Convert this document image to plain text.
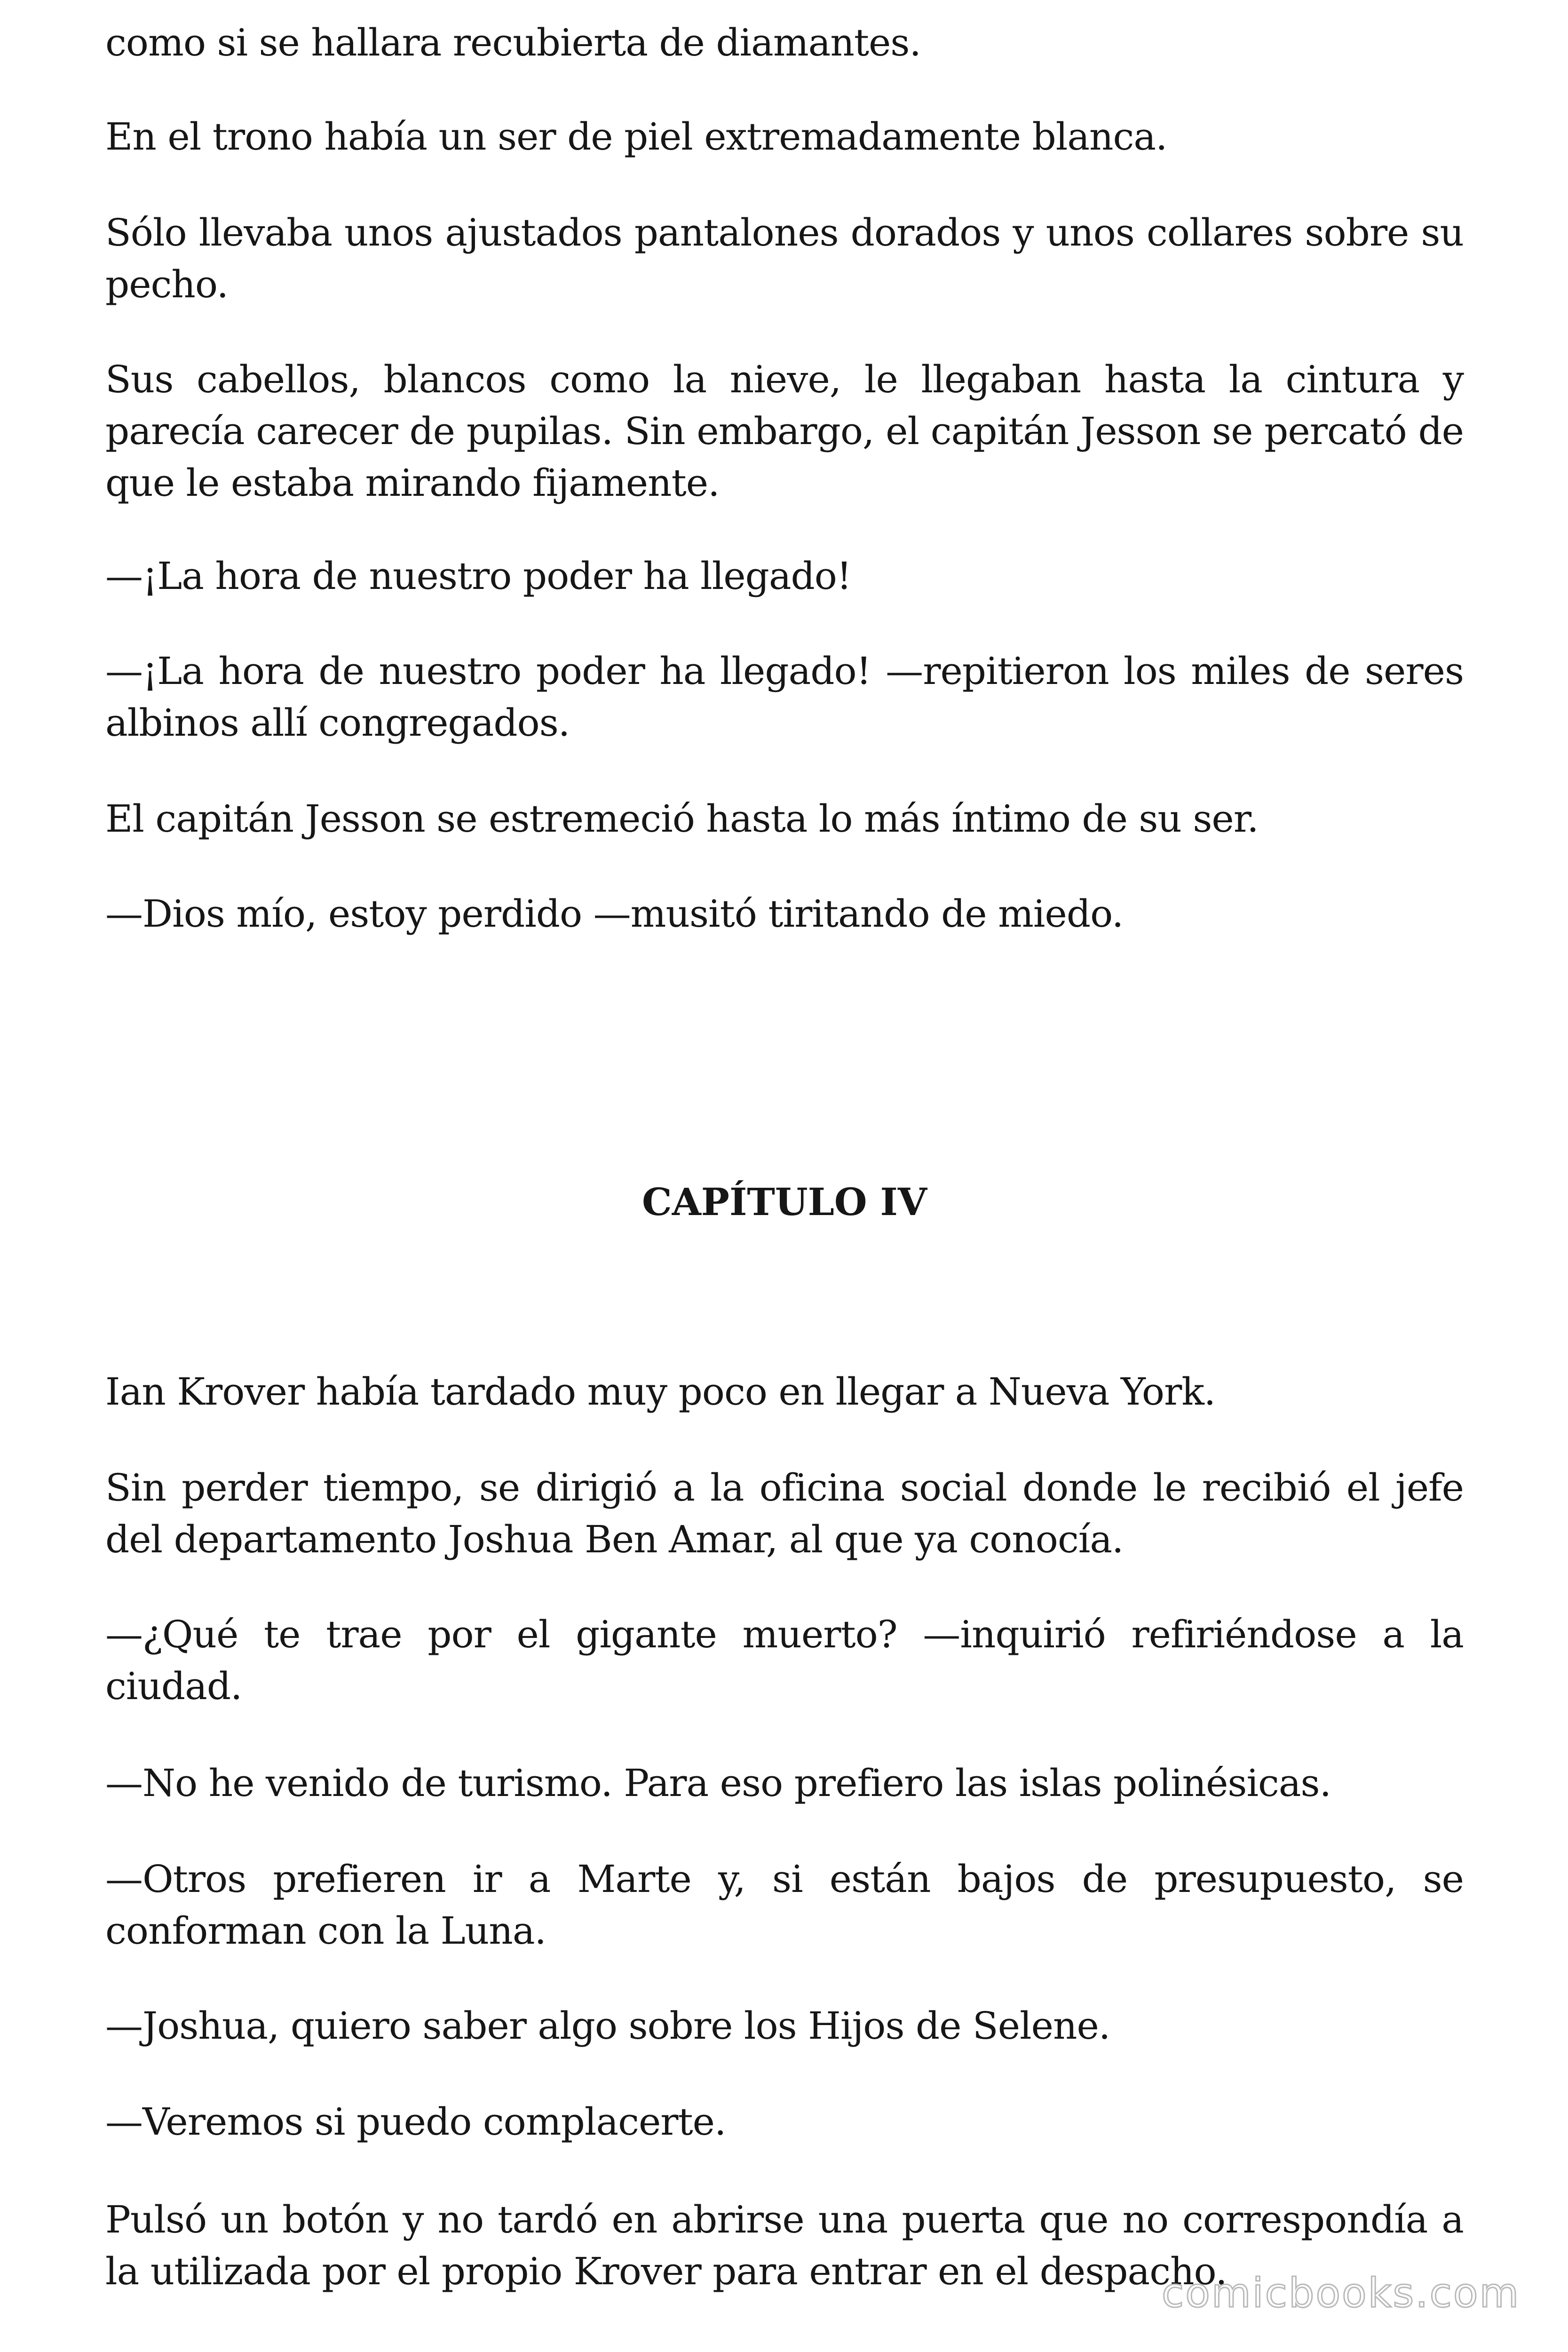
como si se hallara recubierta de diamantes.

En el trono había un ser de piel extremadamente blanca.

Sólo llevaba unos ajustados pantalones dorados y unos collares sobre su pecho.

Sus cabellos, blancos como la nieve, le llegaban hasta la cintura y parecía carecer de pupilas. Sin embargo, el capitán Jesson se percató de que le estaba mirando fijamente.

—¡La hora de nuestro poder ha llegado!

—¡La hora de nuestro poder ha llegado! —repitieron los miles de seres albinos allí congregados.

El capitán Jesson se estremeció hasta lo más íntimo de su ser.

—Dios mío, estoy perdido —musitó tiritando de miedo.

CAPÍTULO IV

Ian Krover había tardado muy poco en llegar a Nueva York.

Sin perder tiempo, se dirigió a la oficina social donde le recibió el jefe del departamento Joshua Ben Amar, al que ya conocía.

—¿Qué te trae por el gigante muerto? —inquirió refiriéndose a la ciudad.

—No he venido de turismo. Para eso prefiero las islas polinésicas.

—Otros prefieren ir a Marte y, si están bajos de presupuesto, se conforman con la Luna.

—Joshua, quiero saber algo sobre los Hijos de Selene.

—Veremos si puedo complacerte.

Pulsó un botón y no tardó en abrirse una puerta que no correspondía a la utilizada por el propio Krover para entrar en el despacho.

comicbooks.com
